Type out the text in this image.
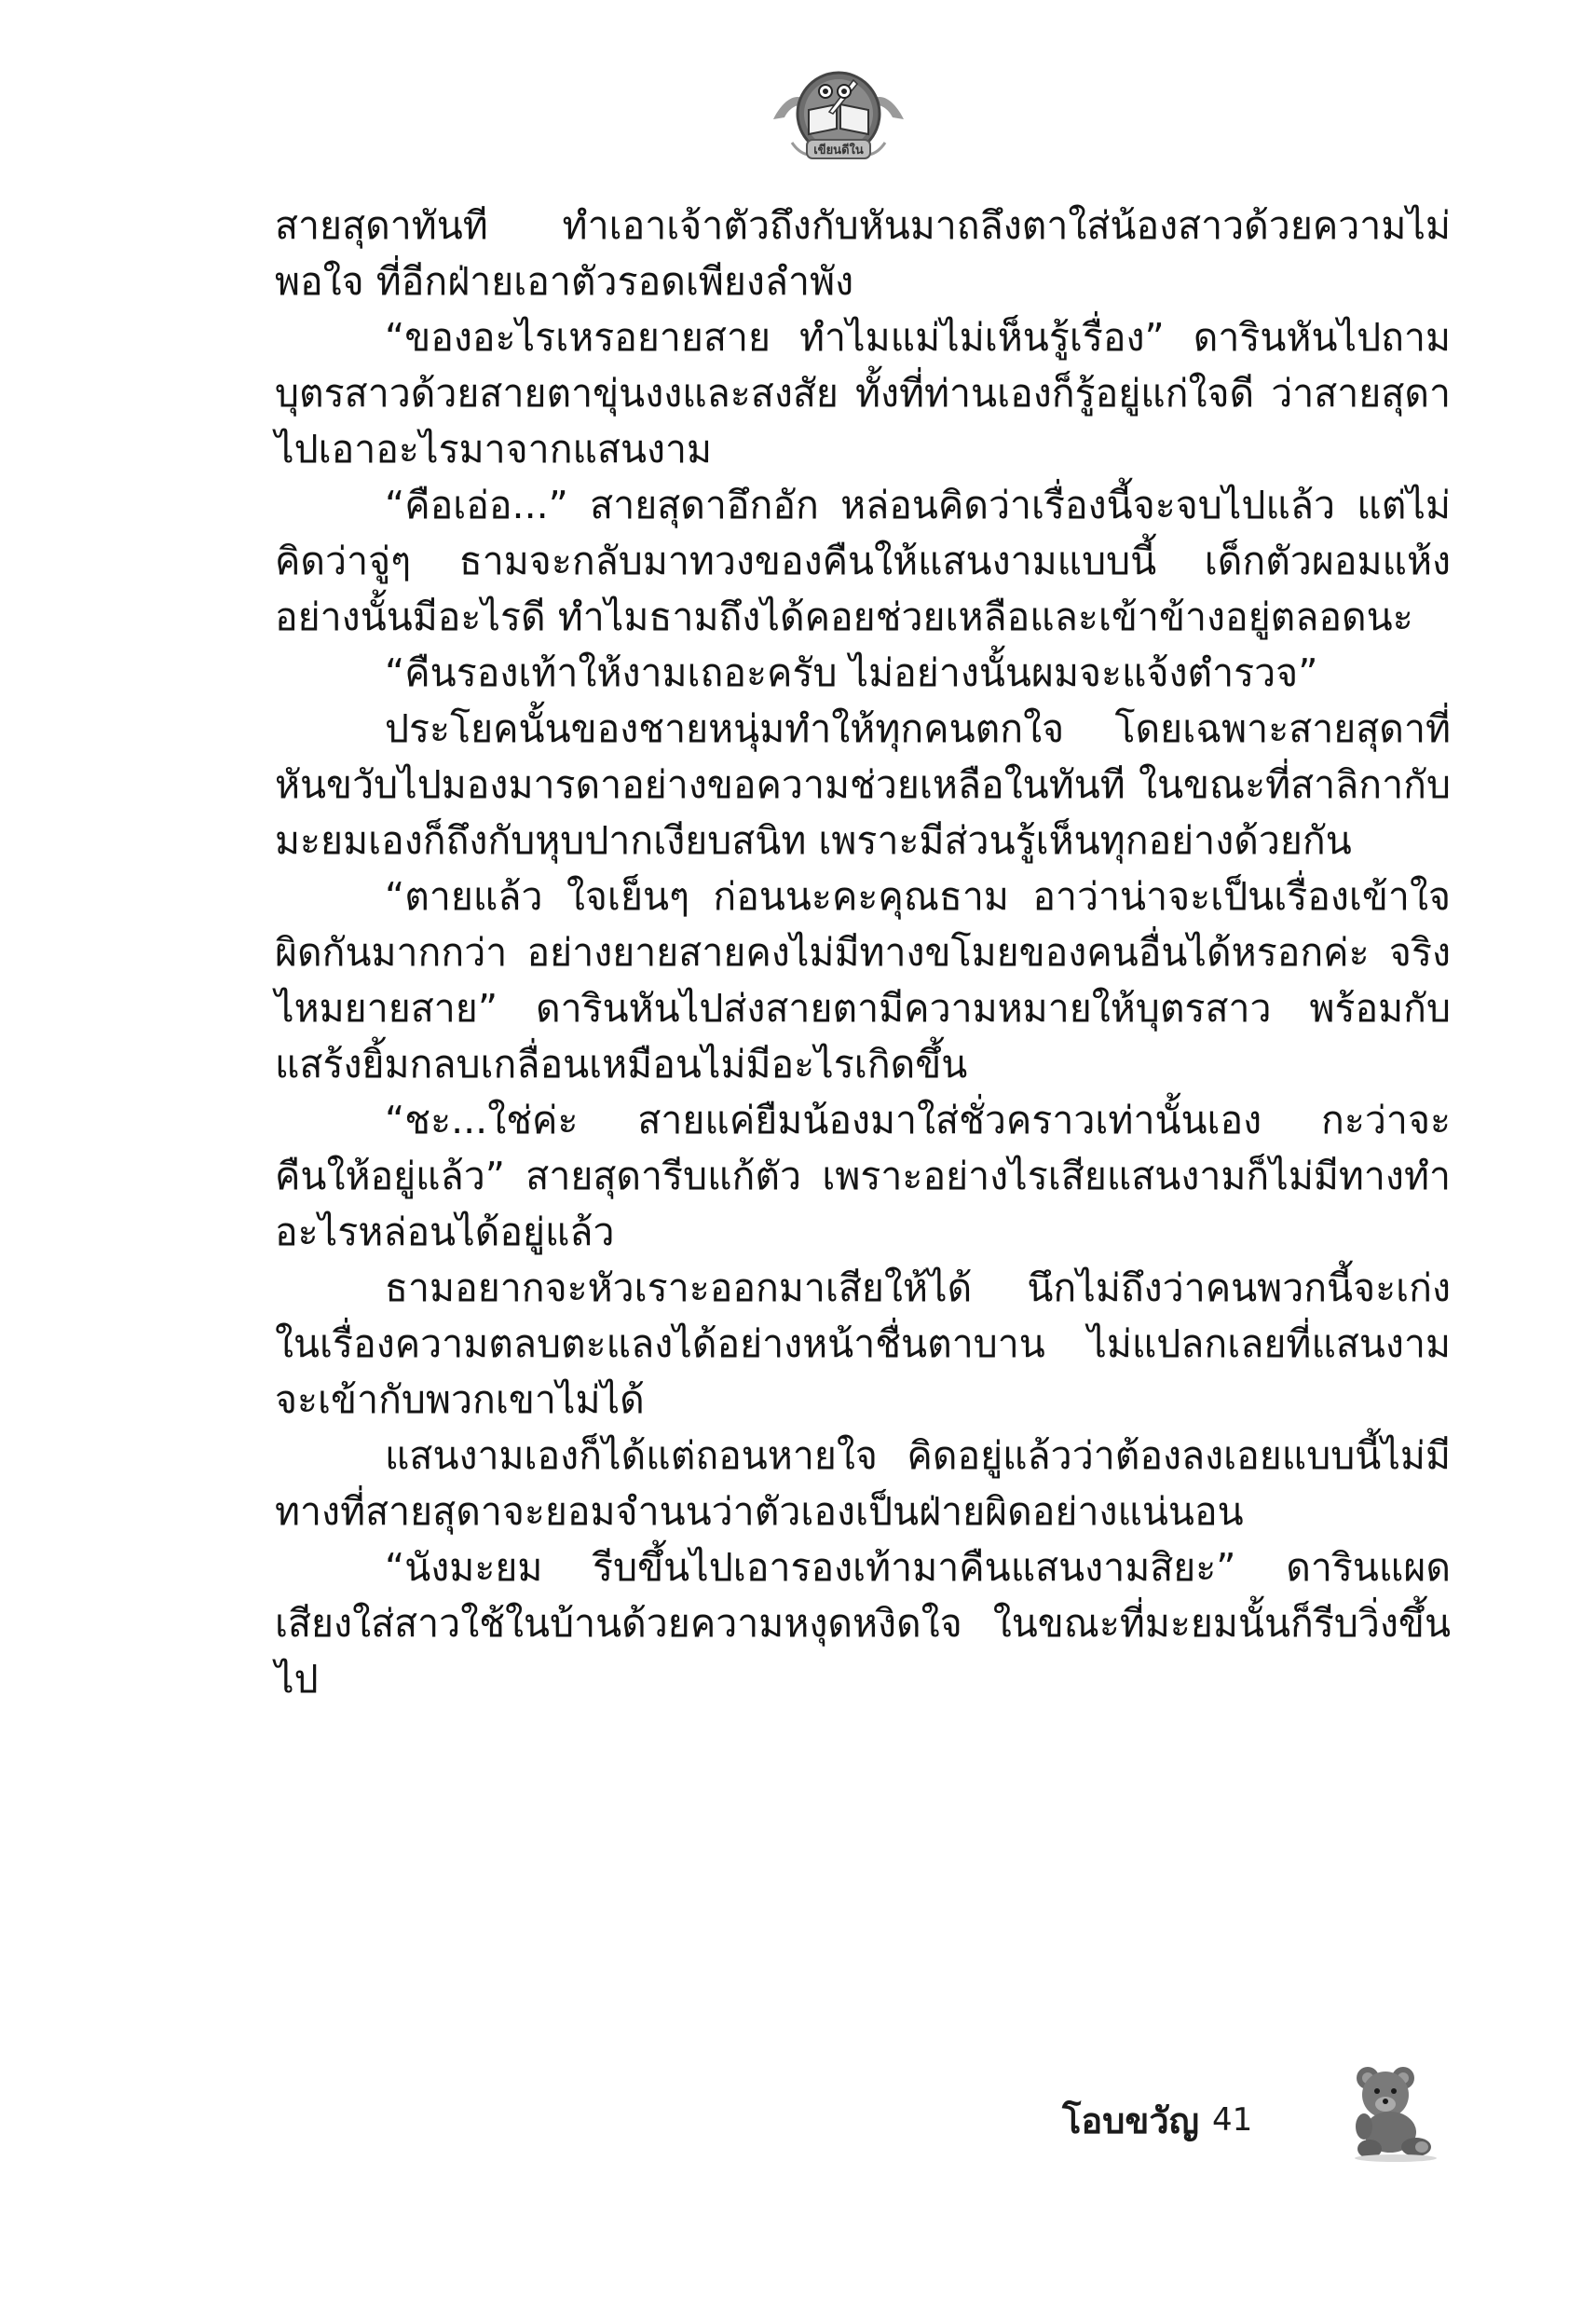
เขียนดีใน

สายสุดาทันที ทำเอาเจ้าตัวถึงกับหันมาถลึงตาใส่น้องสาวด้วยความไม่พอใจ ที่อีกฝ่ายเอาตัวรอดเพียงลำพัง

“ของอะไรเหรอยายสาย ทำไมแม่ไม่เห็นรู้เรื่อง” ดารินหันไปถามบุตรสาวด้วยสายตาขุ่นงงและสงสัย ทั้งที่ท่านเองก็รู้อยู่แก่ใจดี ว่าสายสุดาไปเอาอะไรมาจากแสนงาม

“คือเอ่อ...” สายสุดาอึกอัก หล่อนคิดว่าเรื่องนี้จะจบไปแล้ว แต่ไม่คิดว่าจู่ๆ ธามจะกลับมาทวงของคืนให้แสนงามแบบนี้ เด็กตัวผอมแห้งอย่างนั้นมีอะไรดี ทำไมธามถึงได้คอยช่วยเหลือและเข้าข้างอยู่ตลอดนะ

“คืนรองเท้าให้งามเถอะครับ ไม่อย่างนั้นผมจะแจ้งตำรวจ”

ประโยคนั้นของชายหนุ่มทำให้ทุกคนตกใจ โดยเฉพาะสายสุดาที่หันขวับไปมองมารดาอย่างขอความช่วยเหลือในทันที ในขณะที่สาลิกากับมะยมเองก็ถึงกับหุบปากเงียบสนิท เพราะมีส่วนรู้เห็นทุกอย่างด้วยกัน

“ตายแล้ว ใจเย็นๆ ก่อนนะคะคุณธาม อาว่าน่าจะเป็นเรื่องเข้าใจผิดกันมากกว่า อย่างยายสายคงไม่มีทางขโมยของคนอื่นได้หรอกค่ะ จริงไหมยายสาย” ดารินหันไปส่งสายตามีความหมายให้บุตรสาว พร้อมกับแสร้งยิ้มกลบเกลื่อนเหมือนไม่มีอะไรเกิดขึ้น

“ชะ...ใช่ค่ะ สายแค่ยืมน้องมาใส่ชั่วคราวเท่านั้นเอง กะว่าจะคืนให้อยู่แล้ว” สายสุดารีบแก้ตัว เพราะอย่างไรเสียแสนงามก็ไม่มีทางทำอะไรหล่อนได้อยู่แล้ว

ธามอยากจะหัวเราะออกมาเสียให้ได้ นึกไม่ถึงว่าคนพวกนี้จะเก่งในเรื่องความตลบตะแลงได้อย่างหน้าชื่นตาบาน ไม่แปลกเลยที่แสนงามจะเข้ากับพวกเขาไม่ได้

แสนงามเองก็ได้แต่ถอนหายใจ คิดอยู่แล้วว่าต้องลงเอยแบบนี้ไม่มีทางที่สายสุดาจะยอมจำนนว่าตัวเองเป็นฝ่ายผิดอย่างแน่นอน

“นังมะยม รีบขึ้นไปเอารองเท้ามาคืนแสนงามสิยะ” ดารินแผดเสียงใส่สาวใช้ในบ้านด้วยความหงุดหงิดใจ ในขณะที่มะยมนั้นก็รีบวิ่งขึ้นไป

โอบขวัญ 41
